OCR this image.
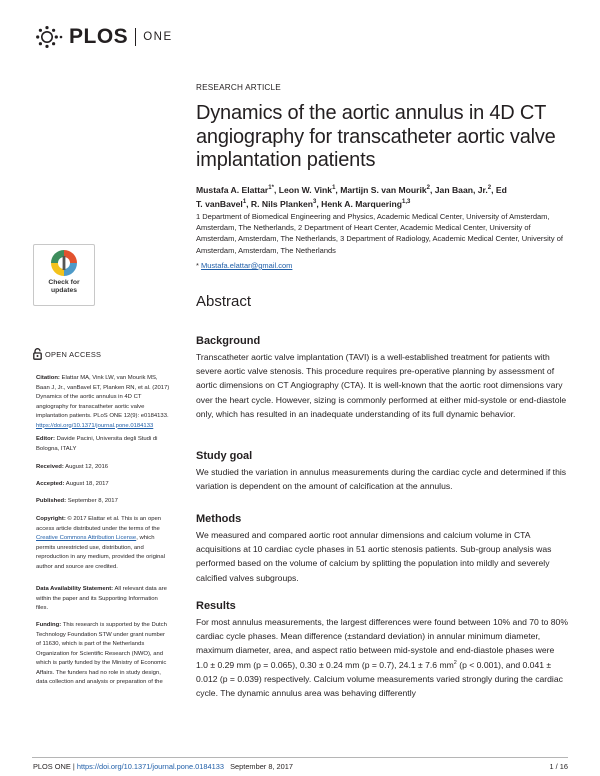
PLOS ONE
Check for
updates
OPEN ACCESS
Citation: Elattar MA, Vink LW, van Mourik MS, Baan J, Jr., vanBavel ET, Planken RN, et al. (2017) Dynamics of the aortic annulus in 4D CT angiography for transcatheter aortic valve implantation patients. PLoS ONE 12(9): e0184133. https://doi.org/10.1371/journal.pone.0184133
Editor: Davide Pacini, Universita degli Studi di Bologna, ITALY
Received: August 12, 2016
Accepted: August 18, 2017
Published: September 8, 2017
Copyright: © 2017 Elattar et al. This is an open access article distributed under the terms of the Creative Commons Attribution License, which permits unrestricted use, distribution, and reproduction in any medium, provided the original author and source are credited.
Data Availability Statement: All relevant data are within the paper and its Supporting Information files.
Funding: This research is supported by the Dutch Technology Foundation STW under grant number of 11630, which is part of the Netherlands Organization for Scientific Research (NWO), and which is partly funded by the Ministry of Economic Affairs. The funders had no role in study design, data collection and analysis or preparation of the
RESEARCH ARTICLE
Dynamics of the aortic annulus in 4D CT angiography for transcatheter aortic valve implantation patients
Mustafa A. Elattar$^{1*}$, Leon W. Vink$^1$, Martijn S. van Mourik$^2$, Jan Baan, Jr.$^2$, Ed
T. vanBavel$^1$, R. Nils Planken$^3$, Henk A. Marquering$^{1,3}$
1 Department of Biomedical Engineering and Physics, Academic Medical Center, University of Amsterdam, Amsterdam, The Netherlands, 2 Department of Heart Center, Academic Medical Center, University of Amsterdam, Amsterdam, The Netherlands, 3 Department of Radiology, Academic Medical Center, University of Amsterdam, Amsterdam, The Netherlands
* Mustafa.elattar@gmail.com
Abstract
Background
Transcatheter aortic valve implantation (TAVI) is a well-established treatment for patients with severe aortic valve stenosis. This procedure requires pre-operative planning by assessment of aortic dimensions on CT Angiography (CTA). It is well-known that the aortic root dimensions vary over the heart cycle. However, sizing is commonly performed at either mid-systole or end-diastole only, which has resulted in an inadequate understanding of its full dynamic behavior.
Study goal
We studied the variation in annulus measurements during the cardiac cycle and determined if this variation is dependent on the amount of calcification at the annulus.
Methods
We measured and compared aortic root annular dimensions and calcium volume in CTA acquisitions at 10 cardiac cycle phases in 51 aortic stenosis patients. Sub-group analysis was performed based on the volume of calcium by splitting the population into mildly and severely calcified valves subgroups.
Results
For most annulus measurements, the largest differences were found between 10% and 70 to 80% cardiac cycle phases. Mean difference (±standard deviation) in annular minimum diameter, maximum diameter, area, and aspect ratio between mid-systole and end-diastole phases were 1.0 ± 0.29 mm (p = 0.065), 0.30 ± 0.24 mm (p = 0.7), 24.1 ± 7.6 $mm^2$ (p < 0.001), and 0.041 ± 0.012 (p = 0.039) respectively. Calcium volume measurements varied strongly during the cardiac cycle. The dynamic annulus area was behaving differently
PLOS ONE | https://doi.org/10.1371/journal.pone.0184133 September 8, 2017	1 / 16
